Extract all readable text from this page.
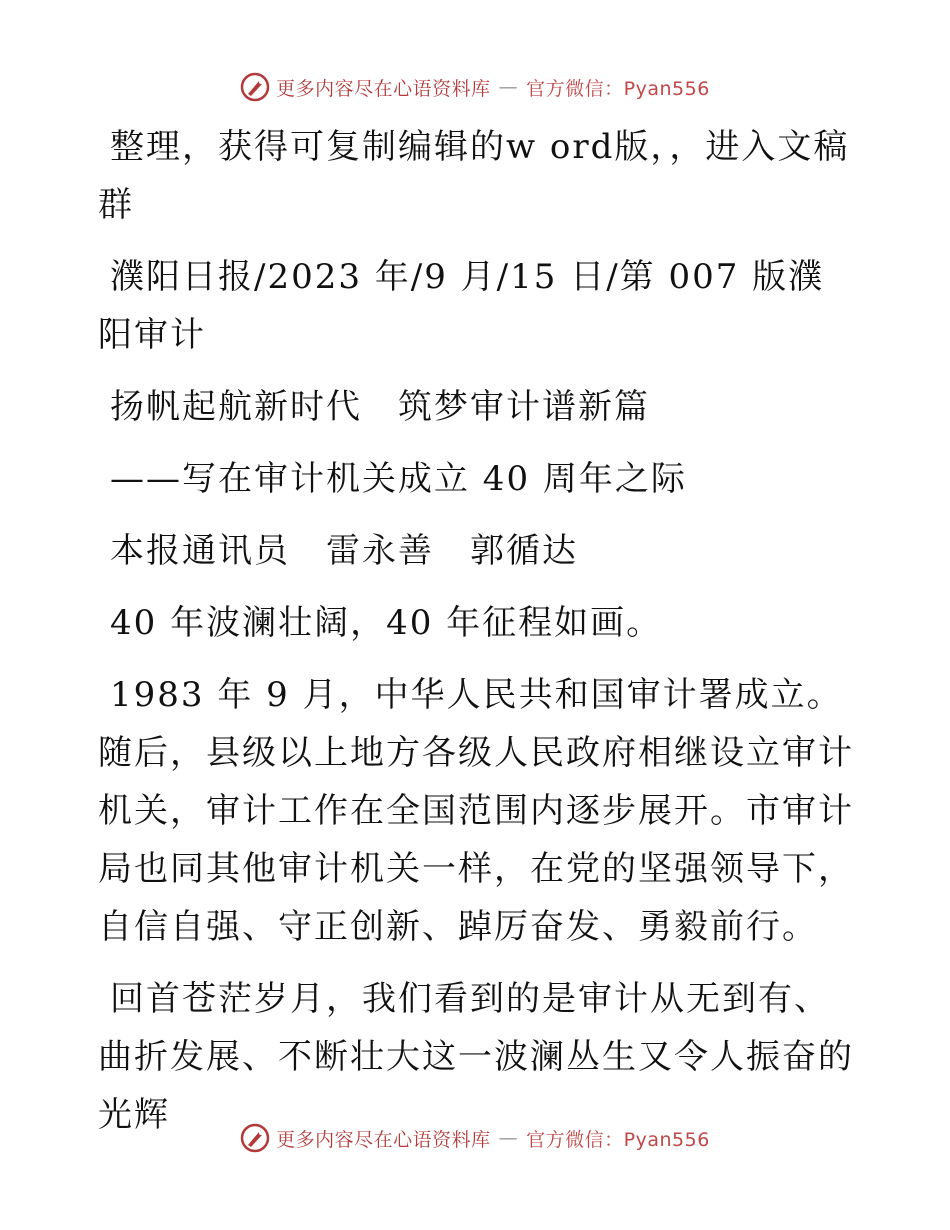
更多内容尽在心语资料库 — 官方微信：Pyan556

整理，获得可复制编辑的w ord版，，进入文稿群

濮阳日报/2023 年/9 月/15 日/第 007 版濮阳审计

扬帆起航新时代　筑梦审计谱新篇

——写在审计机关成立 40 周年之际

本报通讯员　雷永善　郭循达

40 年波澜壮阔，40 年征程如画。

1983 年 9 月，中华人民共和国审计署成立。随后，县级以上地方各级人民政府相继设立审计机关，审计工作在全国范围内逐步展开。市审计局也同其他审计机关一样，在党的坚强领导下，自信自强、守正创新、踔厉奋发、勇毅前行。

回首苍茫岁月，我们看到的是审计从无到有、曲折发展、不断壮大这一波澜丛生又令人振奋的光辉

更多内容尽在心语资料库 — 官方微信：Pyan556
